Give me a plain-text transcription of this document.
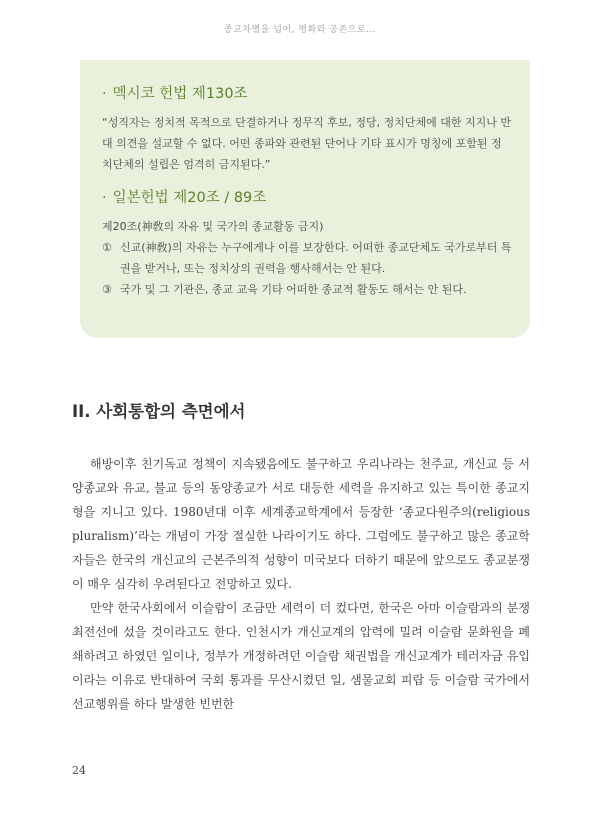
종교차별을 넘어, 평화와 공존으로...

· 멕시코 헌법 제130조

“성직자는 정치적 목적으로 단결하거나 정무직 후보, 정당, 정치단체에 대한 지지나 반대 의견을 설교할 수 없다. 어떤 종파와 관련된 단어나 기타 표시가 명칭에 포함된 정치단체의 설립은 엄격히 금지된다.”

· 일본헌법 제20조 / 89조

제20조(神敎의 자유 및 국가의 종교활동 금지)

① 신교(神敎)의 자유는 누구에게나 이를 보장한다. 어떠한 종교단체도 국가로부터 특권을 받거나, 또는 정치상의 권력을 행사해서는 안 된다.

③ 국가 및 그 기관은, 종교 교육 기타 어떠한 종교적 활동도 해서는 안 된다.

II. 사회통합의 측면에서

해방이후 친기독교 정책이 지속됐음에도 불구하고 우리나라는 천주교, 개신교 등 서양종교와 유교, 불교 등의 동양종교가 서로 대등한 세력을 유지하고 있는 특이한 종교지형을 지니고 있다. 1980년대 이후 세계종교학계에서 등장한 ‘종교다원주의(religious pluralism)’라는 개념이 가장 절실한 나라이기도 하다. 그럼에도 불구하고 많은 종교학자들은 한국의 개신교의 근본주의적 성향이 미국보다 더하기 때문에 앞으로도 종교분쟁이 매우 심각히 우려된다고 전망하고 있다.

만약 한국사회에서 이슬람이 조금만 세력이 더 컸다면, 한국은 아마 이슬람과의 분쟁 최전선에 섰을 것이라고도 한다. 인천시가 개신교계의 압력에 밀려 이슬람 문화원을 폐쇄하려고 하였던 일이나, 정부가 개정하려던 이슬람 채권법을 개신교계가 테러자금 유입이라는 이유로 반대하여 국회 통과를 무산시켰던 일, 샘물교회 피랍 등 이슬람 국가에서 선교행위를 하다 발생한 빈번한

24
